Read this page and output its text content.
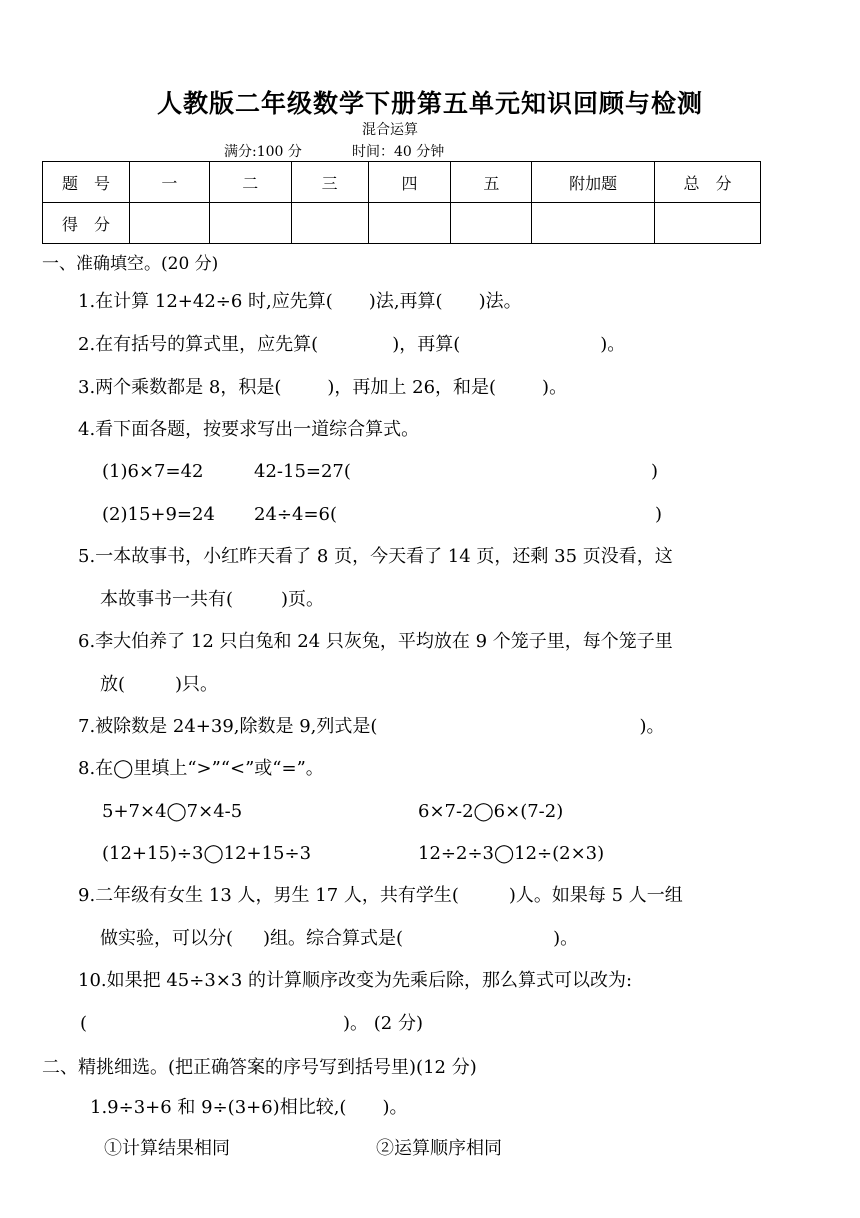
人教版二年级数学下册第五单元知识回顾与检测
混合运算
满分:100 分	时间：40 分钟
题　号	一	二	三	四	五	附加题	总　分
得　分							
一、准确填空。(20 分)
1.在计算 12+42÷6 时,应先算( )法,再算( )法。
2.在有括号的算式里，应先算(	)，再算(	)。
3.两个乘数都是 8，积是(	)，再加上 26，和是(	)。
4.看下面各题，按要求写出一道综合算式。
(1)6×7=42	42-15=27(	)
(2)15+9=24 24÷4=6(	)
5.一本故事书，小红昨天看了 8 页，今天看了 14 页，还剩 35 页没看，这
本故事书一共有(	)页。
6.李大伯养了 12 只白兔和 24 只灰兔，平均放在 9 个笼子里，每个笼子里
放(	)只。
7.被除数是 24+39,除数是 9,列式是(	)。
8.在◯里填上“>”“<”或“=”。
5+7×4◯7×4-5	6×7-2◯6×(7-2)
(12+15)÷3◯12+15÷3	12÷2÷3◯12÷(2×3)
9.二年级有女生 13 人，男生 17 人，共有学生(	)人。如果每 5 人一组
做实验，可以分( )组。综合算式是(	)。
10.如果把 45÷3×3 的计算顺序改变为先乘后除，那么算式可以改为:
(	)。 (2 分)
二、精挑细选。(把正确答案的序号写到括号里)(12 分)
1.9÷3+6 和 9÷(3+6)相比较,( )。
①计算结果相同	②运算顺序相同
